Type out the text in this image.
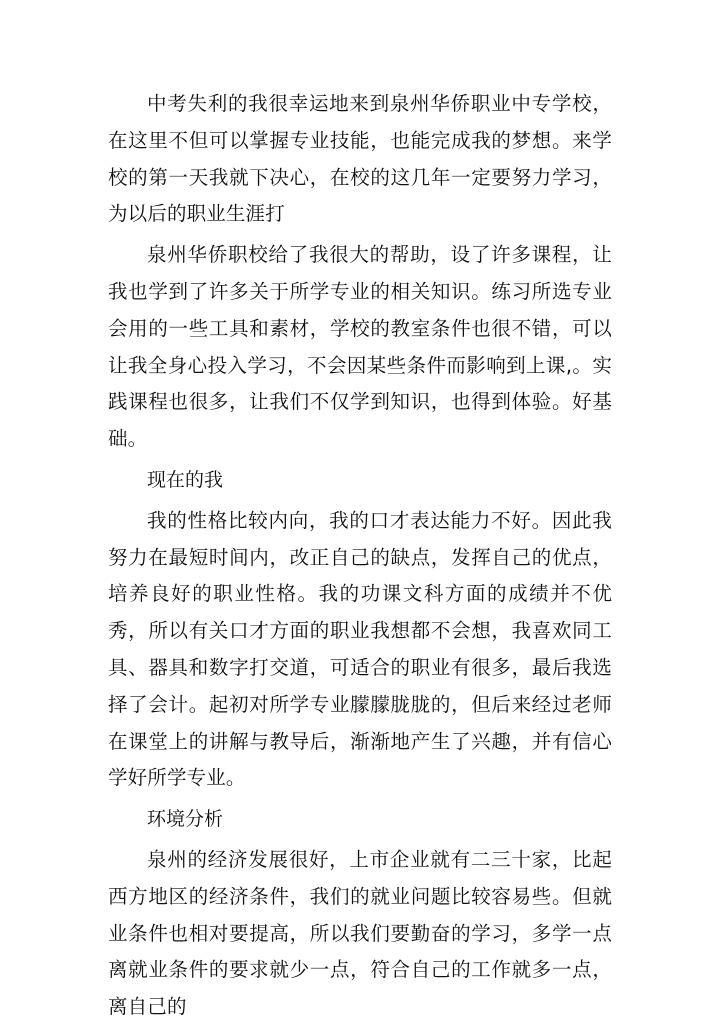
中考失利的我很幸运地来到泉州华侨职业中专学校，在这里不但可以掌握专业技能，也能完成我的梦想。来学校的第一天我就下决心，在校的这几年一定要努力学习，为以后的职业生涯打

泉州华侨职校给了我很大的帮助，设了许多课程，让我也学到了许多关于所学专业的相关知识。练习所选专业会用的一些工具和素材，学校的教室条件也很不错，可以让我全身心投入学习，不会因某些条件而影响到上课,。实践课程也很多，让我们不仅学到知识，也得到体验。好基础。

现在的我

我的性格比较内向，我的口才表达能力不好。因此我努力在最短时间内，改正自己的缺点，发挥自己的优点，培养良好的职业性格。我的功课文科方面的成绩并不优秀，所以有关口才方面的职业我想都不会想，我喜欢同工具、器具和数字打交道，可适合的职业有很多，最后我选择了会计。起初对所学专业朦朦胧胧的，但后来经过老师在课堂上的讲解与教导后，渐渐地产生了兴趣，并有信心学好所学专业。

环境分析

泉州的经济发展很好，上市企业就有二三十家，比起西方地区的经济条件，我们的就业问题比较容易些。但就业条件也相对要提高，所以我们要勤奋的学习，多学一点离就业条件的要求就少一点，符合自己的工作就多一点，离自己的
